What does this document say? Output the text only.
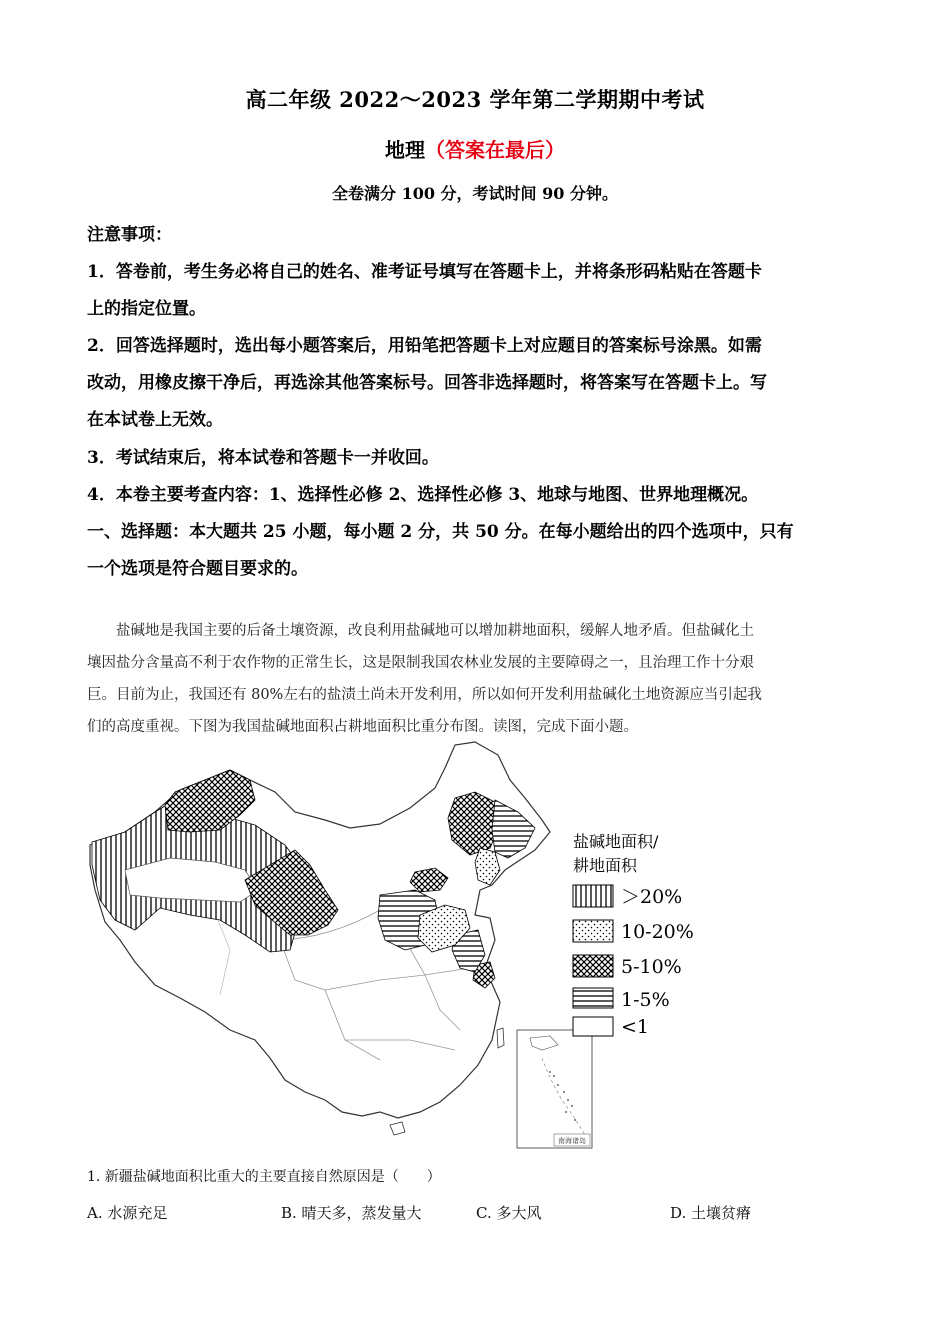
高二年级 2022～2023 学年第二学期期中考试
地理（答案在最后）
全卷满分 100 分，考试时间 90 分钟。
注意事项：
1．答卷前，考生务必将自己的姓名、准考证号填写在答题卡上，并将条形码粘贴在答题卡
上的指定位置。
2．回答选择题时，选出每小题答案后，用铅笔把答题卡上对应题目的答案标号涂黑。如需
改动，用橡皮擦干净后，再选涂其他答案标号。回答非选择题时，将答案写在答题卡上。写
在本试卷上无效。
3．考试结束后，将本试卷和答题卡一并收回。
4．本卷主要考查内容：1、选择性必修 2、选择性必修 3、地球与地图、世界地理概况。
一、选择题：本大题共 25 小题，每小题 2 分，共 50 分。在每小题给出的四个选项中，只有
一个选项是符合题目要求的。
盐碱地是我国主要的后备土壤资源，改良利用盐碱地可以增加耕地面积，缓解人地矛盾。但盐碱化土
壤因盐分含量高不利于农作物的正常生长，这是限制我国农林业发展的主要障碍之一，且治理工作十分艰
巨。目前为止，我国还有 80%左右的盐渍土尚未开发利用，所以如何开发利用盐碱化土地资源应当引起我
们的高度重视。下图为我国盐碱地面积占耕地面积比重分布图。读图，完成下面小题。
南海诸岛
盐碱地面积/
耕地面积
＞20%
10-20%
5-10%
1-5%
<1
1. 新疆盐碱地面积比重大的主要直接自然原因是（　　）
A. 水源充足	B. 晴天多，蒸发量大	C. 多大风	D. 土壤贫瘠
